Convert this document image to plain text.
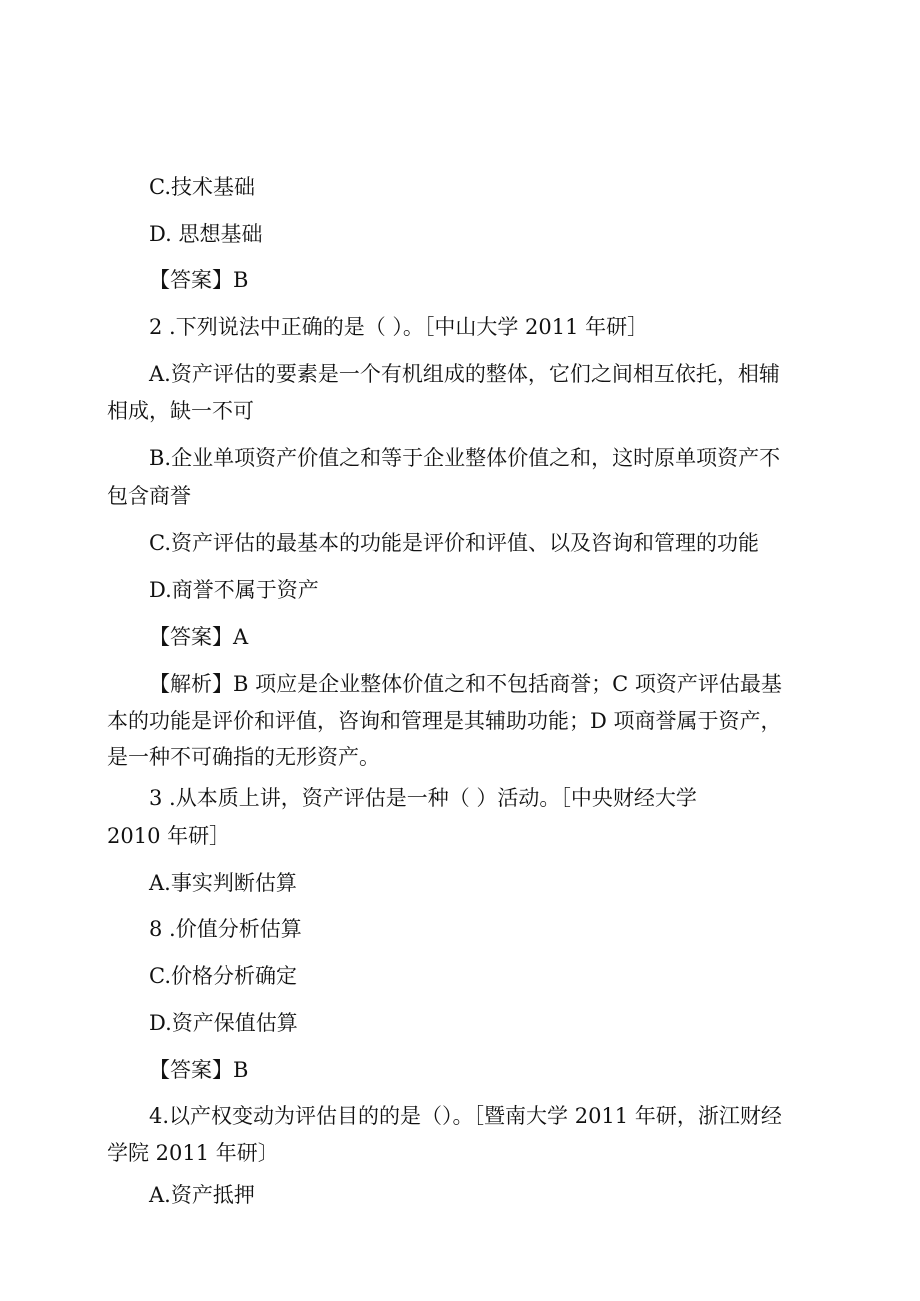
C.技术基础
D. 思想基础
【答案】B
2 .下列说法中正确的是（ ）。［中山大学 2011 年研］
A.资产评估的要素是一个有机组成的整体，它们之间相互依托，相辅
相成，缺一不可
B.企业单项资产价值之和等于企业整体价值之和，这时原单项资产不
包含商誉
C.资产评估的最基本的功能是评价和评值、以及咨询和管理的功能
D.商誉不属于资产
【答案】A
【解析】B 项应是企业整体价值之和不包括商誉；C 项资产评估最基
本的功能是评价和评值，咨询和管理是其辅助功能；D 项商誉属于资产，
是一种不可确指的无形资产。
3 .从本质上讲，资产评估是一种（ ）活动。［中央财经大学
2010 年研］
A.事实判断估算
8 .价值分析估算
C.价格分析确定
D.资产保值估算
【答案】B
4.以产权变动为评估目的的是（）。［暨南大学 2011 年研，浙江财经
学院 2011 年研〕
A.资产抵押
